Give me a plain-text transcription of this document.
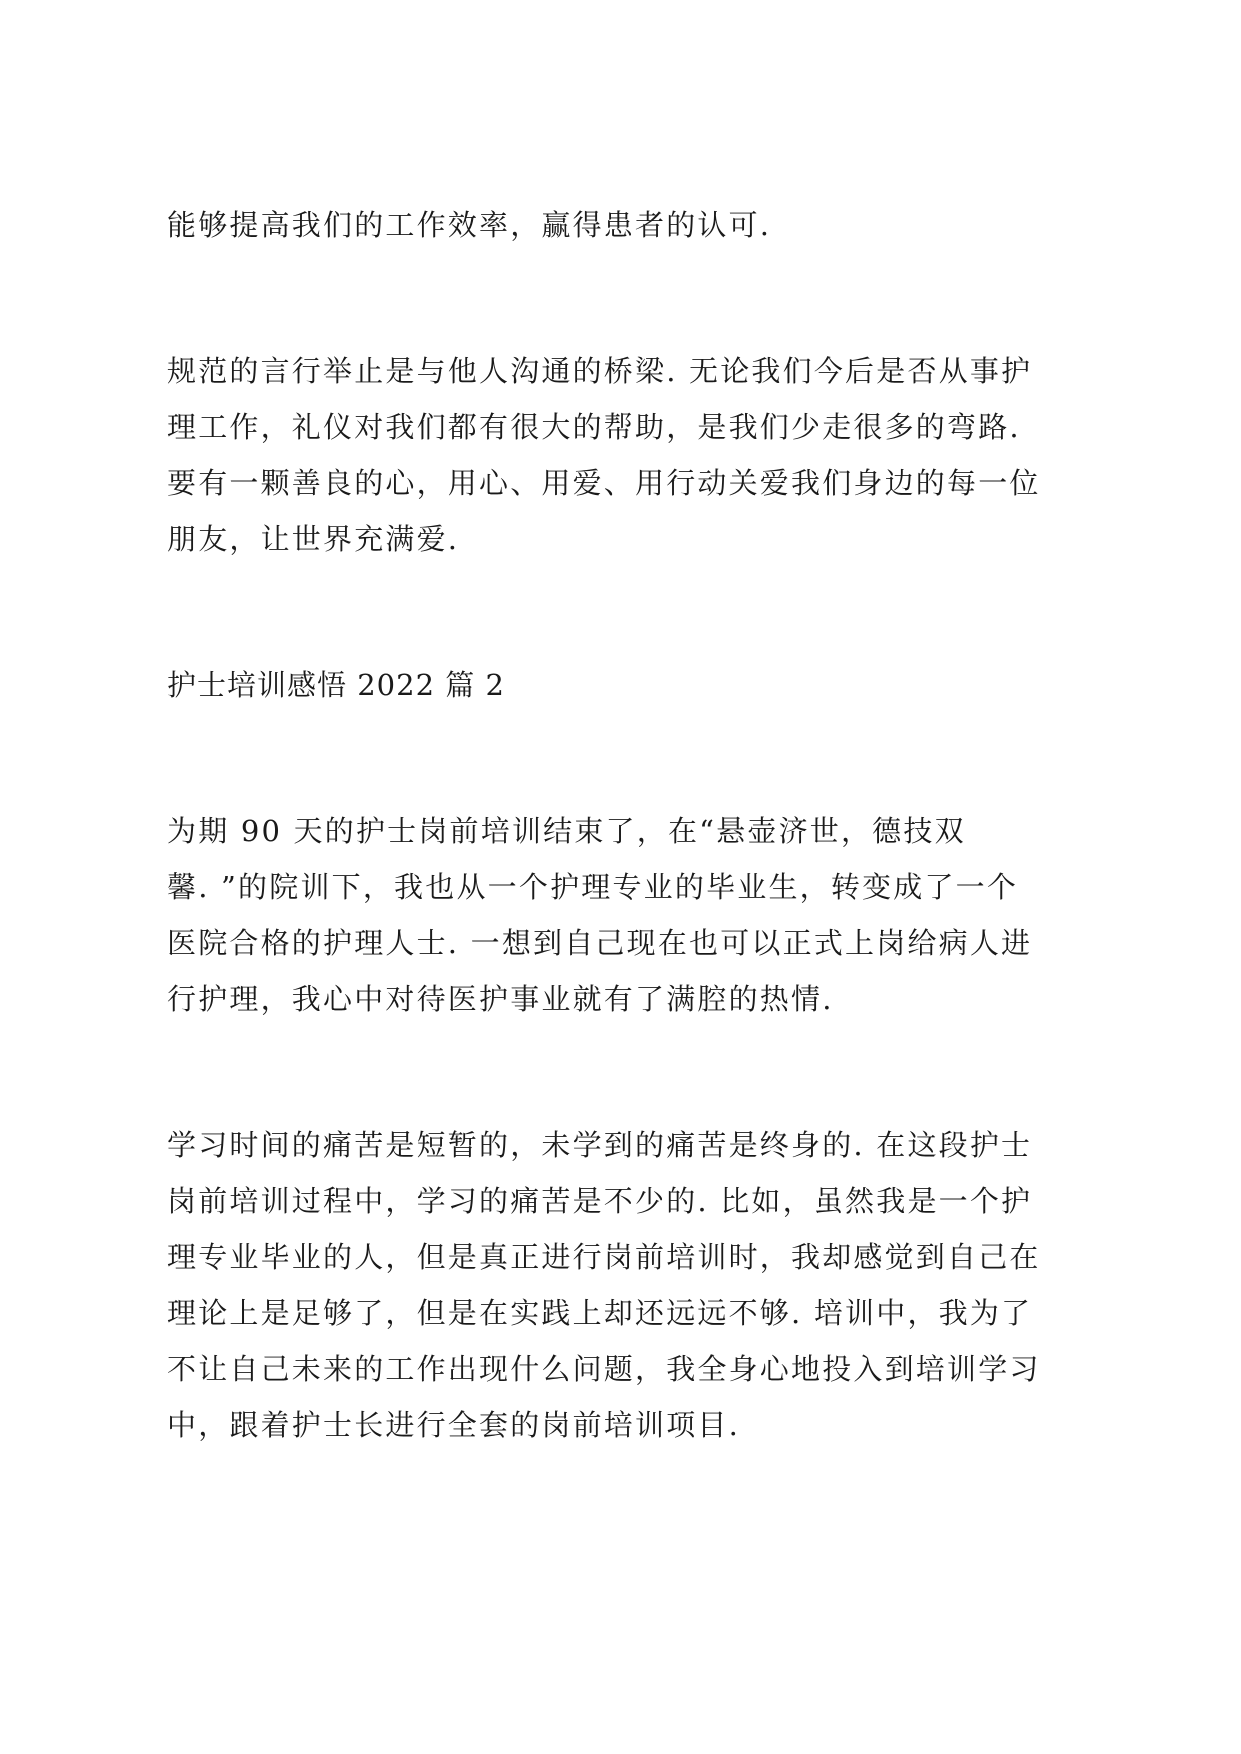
能够提高我们的工作效率，赢得患者的认可.
规范的言行举止是与他人沟通的桥梁. 无论我们今后是否从事护
理工作，礼仪对我们都有很大的帮助，是我们少走很多的弯路.
要有一颗善良的心，用心、用爱、用行动关爱我们身边的每一位
朋友，让世界充满爱.
护士培训感悟 2022 篇 2
为期 90 天的护士岗前培训结束了，在“悬壶济世，德技双
馨. ”的院训下，我也从一个护理专业的毕业生，转变成了一个
医院合格的护理人士. 一想到自己现在也可以正式上岗给病人进
行护理，我心中对待医护事业就有了满腔的热情.
学习时间的痛苦是短暂的，未学到的痛苦是终身的. 在这段护士
岗前培训过程中，学习的痛苦是不少的. 比如，虽然我是一个护
理专业毕业的人，但是真正进行岗前培训时，我却感觉到自己在
理论上是足够了，但是在实践上却还远远不够. 培训中，我为了
不让自己未来的工作出现什么问题，我全身心地投入到培训学习
中，跟着护士长进行全套的岗前培训项目.
